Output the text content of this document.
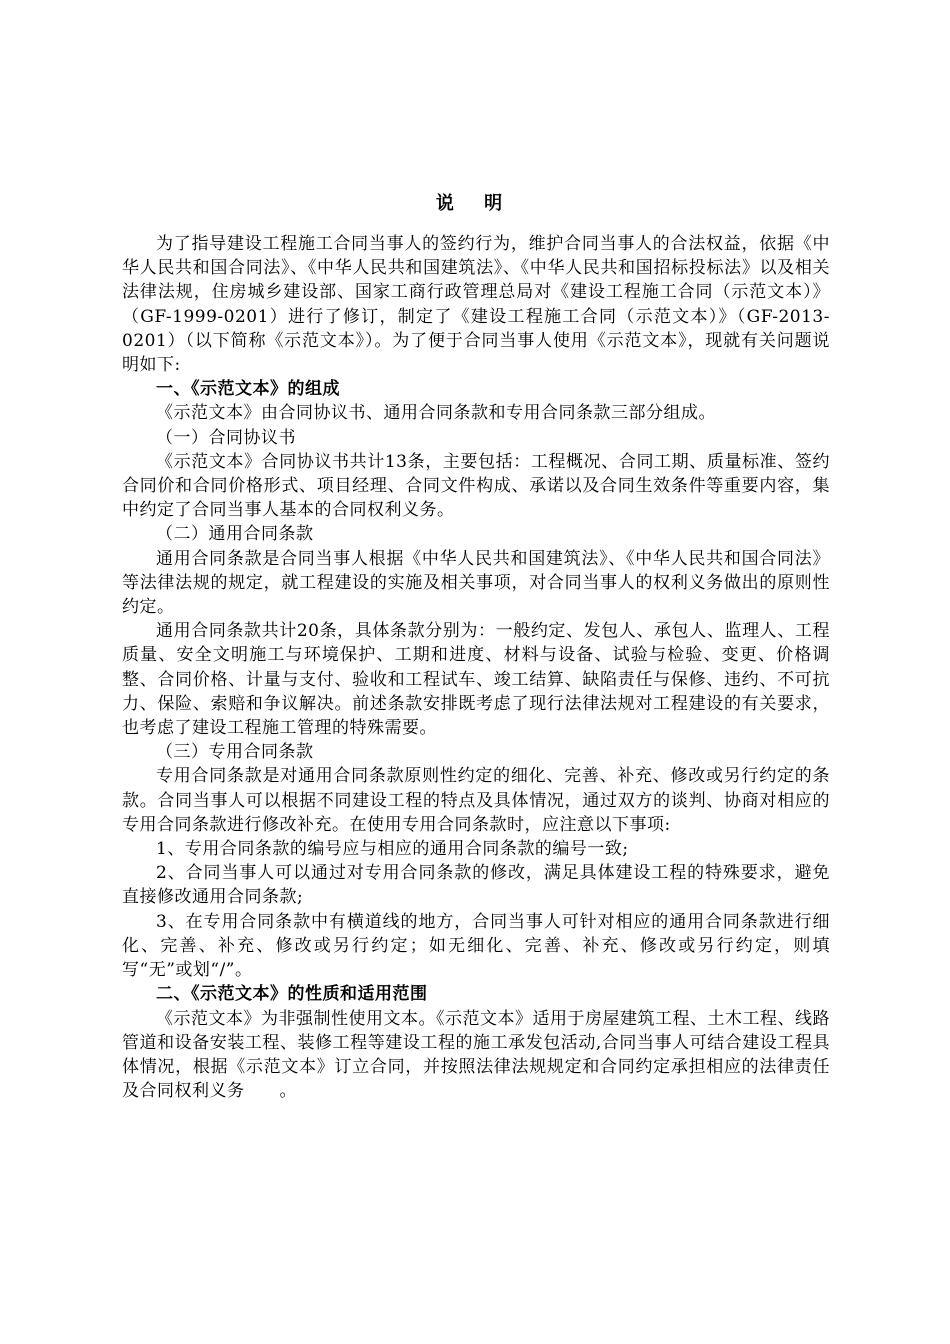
说 明

为了指导建设工程施工合同当事人的签约行为，维护合同当事人的合法权益，依据《中华人民共和国合同法》、《中华人民共和国建筑法》、《中华人民共和国招标投标法》以及相关法律法规，住房城乡建设部、国家工商行政管理总局对《建设工程施工合同（示范文本）》（GF-1999-0201）进行了修订，制定了《建设工程施工合同（示范文本）》（GF-2013-0201）（以下简称《示范文本》）。为了便于合同当事人使用《示范文本》，现就有关问题说明如下:

一、《示范文本》的组成

《示范文本》由合同协议书、通用合同条款和专用合同条款三部分组成。

（一）合同协议书

《示范文本》合同协议书共计13条，主要包括：工程概况、合同工期、质量标准、签约合同价和合同价格形式、项目经理、合同文件构成、承诺以及合同生效条件等重要内容，集中约定了合同当事人基本的合同权利义务。

（二）通用合同条款

通用合同条款是合同当事人根据《中华人民共和国建筑法》、《中华人民共和国合同法》等法律法规的规定，就工程建设的实施及相关事项，对合同当事人的权利义务做出的原则性约定。

通用合同条款共计20条，具体条款分别为：一般约定、发包人、承包人、监理人、工程质量、安全文明施工与环境保护、工期和进度、材料与设备、试验与检验、变更、价格调整、合同价格、计量与支付、验收和工程试车、竣工结算、缺陷责任与保修、违约、不可抗力、保险、索赔和争议解决。前述条款安排既考虑了现行法律法规对工程建设的有关要求，也考虑了建设工程施工管理的特殊需要。

（三）专用合同条款

专用合同条款是对通用合同条款原则性约定的细化、完善、补充、修改或另行约定的条款。合同当事人可以根据不同建设工程的特点及具体情况，通过双方的谈判、协商对相应的专用合同条款进行修改补充。在使用专用合同条款时，应注意以下事项:

1、专用合同条款的编号应与相应的通用合同条款的编号一致;

2、合同当事人可以通过对专用合同条款的修改，满足具体建设工程的特殊要求，避免直接修改通用合同条款;

3、在专用合同条款中有横道线的地方，合同当事人可针对相应的通用合同条款进行细化、完善、补充、修改或另行约定；如无细化、完善、补充、修改或另行约定，则填写“无”或划“/”。

二、《示范文本》的性质和适用范围

《示范文本》为非强制性使用文本。《示范文本》适用于房屋建筑工程、土木工程、线路管道和设备安装工程、装修工程等建设工程的施工承发包活动,合同当事人可结合建设工程具体情况，根据《示范文本》订立合同，并按照法律法规规定和合同约定承担相应的法律责任及合同权利义务　　。
